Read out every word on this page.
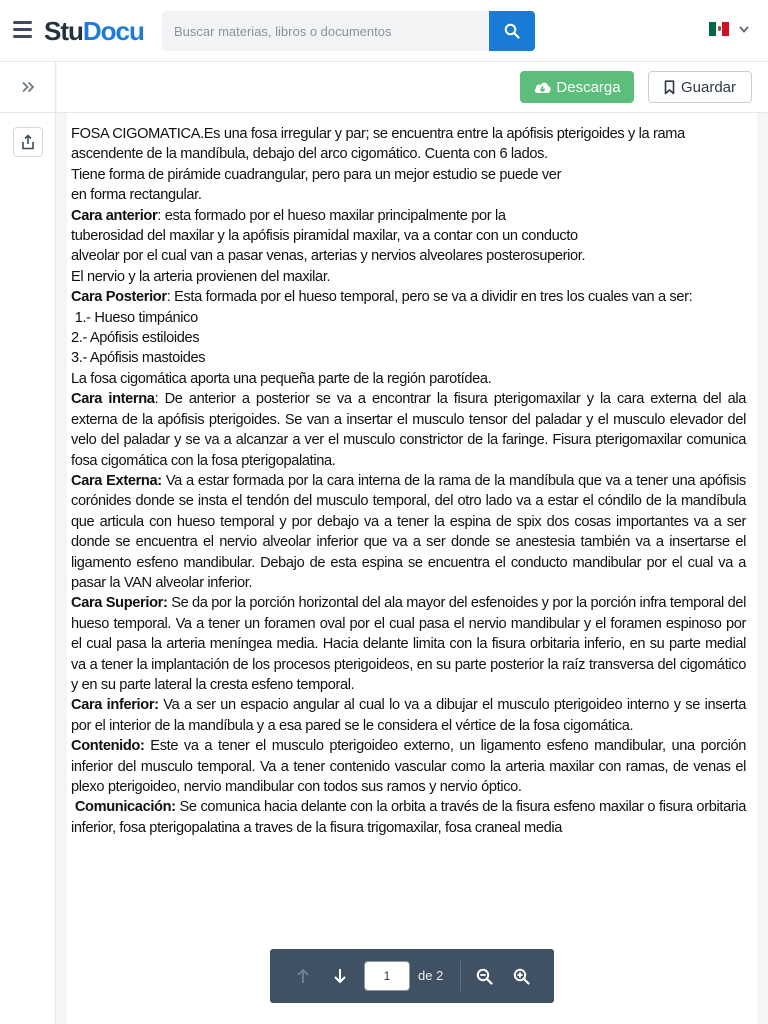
StuDocu
Buscar materias, libros o documentos
Descarga	Guardar

FOSA CIGOMATICA.Es una fosa irregular y par; se encuentra entre la apófisis pterigoides y la rama

ascendente de la mandíbula, debajo del arco cigomático. Cuenta con 6 lados.

Tiene forma de pirámide cuadrangular, pero para un mejor estudio se puede ver

en forma rectangular.

Cara anterior: esta formado por el hueso maxilar principalmente por la

tuberosidad del maxilar y la apófisis piramidal maxilar, va a contar con un conducto

alveolar por el cual van a pasar venas, arterias y nervios alveolares posterosuperior.

El nervio y la arteria provienen del maxilar.

Cara Posterior: Esta formada por el hueso temporal, pero se va a dividir en tres los cuales van a ser:

1.- Hueso timpánico

2.- Apófisis estiloides

3.- Apófisis mastoides

La fosa cigomática aporta una pequeña parte de la región parotídea.

Cara interna: De anterior a posterior se va a encontrar la fisura pterigomaxilar y la cara externa del ala externa de la apófisis pterigoides. Se van a insertar el musculo tensor del paladar y el musculo elevador del velo del paladar y se va a alcanzar a ver el musculo constrictor de la faringe. Fisura pterigomaxilar comunica fosa cigomática con la fosa pterigopalatina.

Cara Externa: Va a estar formada por la cara interna de la rama de la mandíbula que va a tener una apófisis corónides donde se insta el tendón del musculo temporal, del otro lado va a estar el cóndilo de la mandíbula que articula con hueso temporal y por debajo va a tener la espina de spix dos cosas importantes va a ser donde se encuentra el nervio alveolar inferior que va a ser donde se anestesia también va a insertarse el ligamento esfeno mandibular. Debajo de esta espina se encuentra el conducto mandibular por el cual va a pasar la VAN alveolar inferior.

Cara Superior: Se da por la porción horizontal del ala mayor del esfenoides y por la porción infra temporal del hueso temporal. Va a tener un foramen oval por el cual pasa el nervio mandibular y el foramen espinoso por el cual pasa la arteria meníngea media. Hacia delante limita con la fisura orbitaria inferio, en su parte medial va a tener la implantación de los procesos pterigoideos, en su parte posterior la raíz transversa del cigomático y en su parte lateral la cresta esfeno temporal.

Cara inferior: Va a ser un espacio angular al cual lo va a dibujar el musculo pterigoideo interno y se inserta por el interior de la mandíbula y a esa pared se le considera el vértice de la fosa cigomática.

Contenido: Este va a tener el musculo pterigoideo externo, un ligamento esfeno mandibular, una porción inferior del musculo temporal. Va a tener contenido vascular como la arteria maxilar con ramas, de venas el plexo pterigoideo, nervio mandibular con todos sus ramos y nervio óptico.

Comunicación: Se comunica hacia delante con la orbita a través de la fisura esfeno maxilar o fisura orbitaria inferior, fosa pterigopalatina a traves de la fisura trigomaxilar, fosa craneal media

1
de 2
